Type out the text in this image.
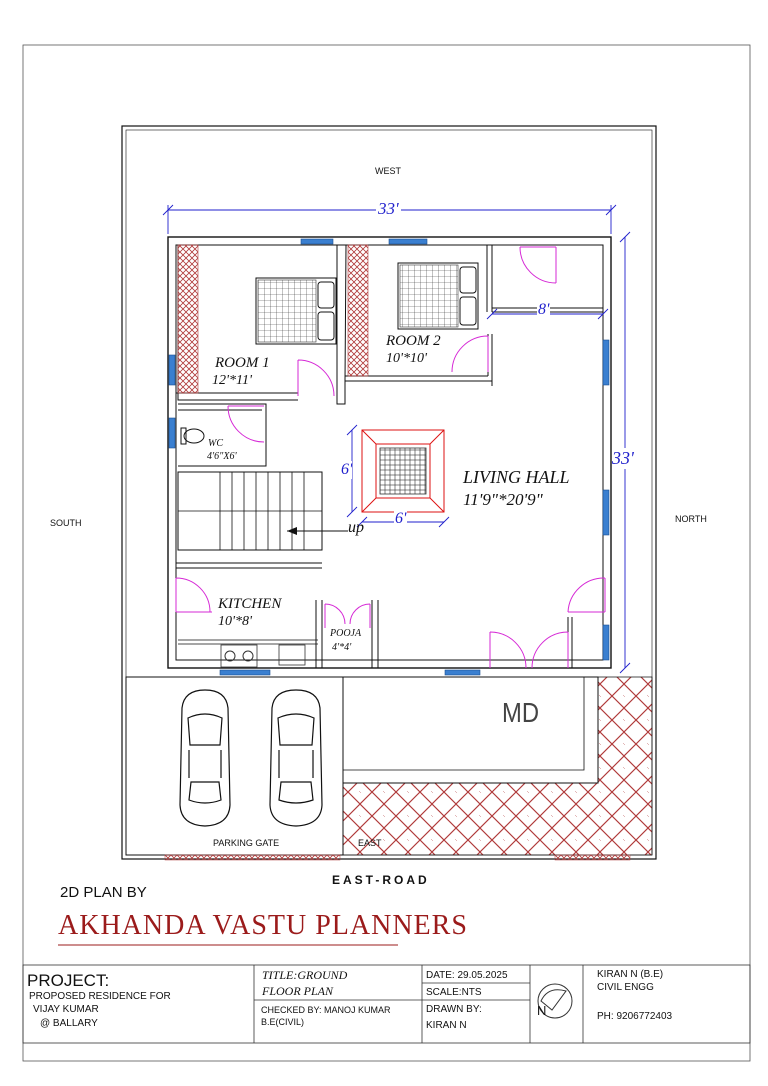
WEST
SOUTH	NORTH
EAST
EAST-ROAD
PARKING GATE
MD
up
33'
33'
8'
6'
6'
ROOM 1
12'*11'
ROOM 2
10'*10'
WC
4'6"X6'
LIVING HALL
11'9"*20'9"
KITCHEN
10'*8'
POOJA
4'*4'
2D PLAN BY
AKHANDA VASTU PLANNERS
PROJECT:
PROPOSED RESIDENCE FOR
VIJAY KUMAR
@ BALLARY
TITLE:GROUND
FLOOR PLAN
CHECKED BY: MANOJ KUMAR
B.E(CIVIL)
DATE: 29.05.2025
SCALE:NTS
DRAWN BY:
KIRAN N
N
KIRAN N (B.E)
CIVIL ENGG
PH: 9206772403
